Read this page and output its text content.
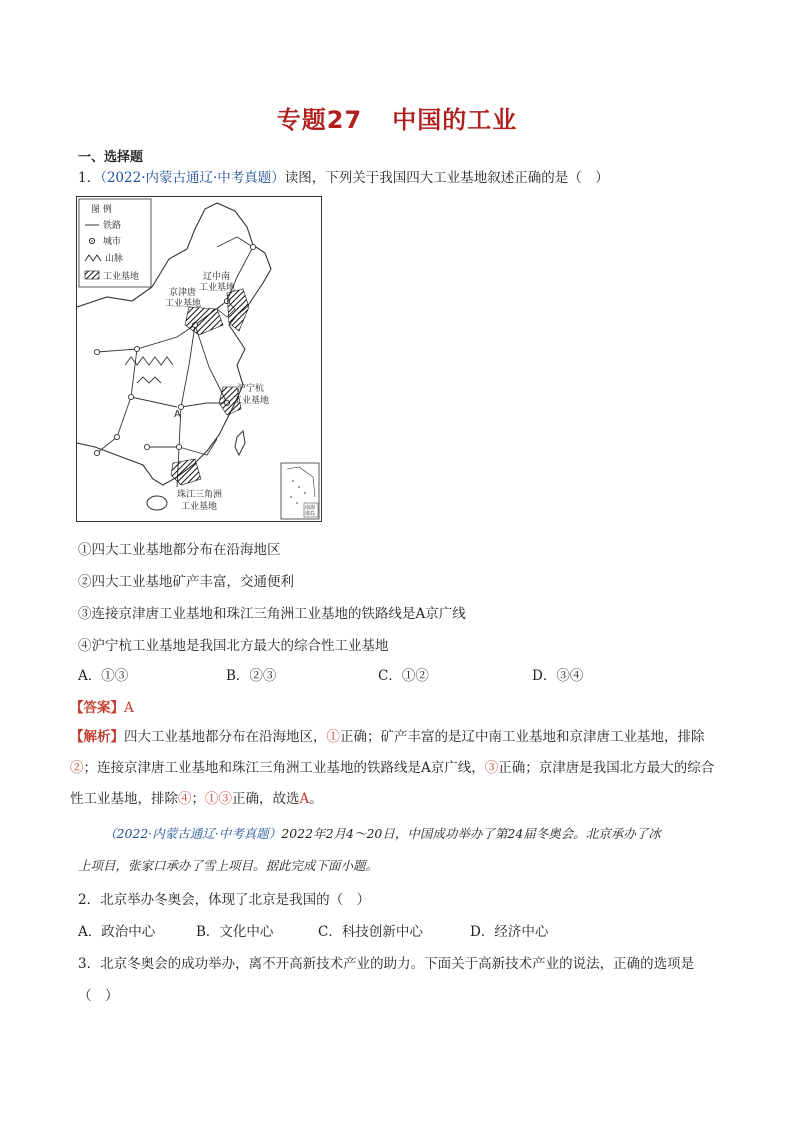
专题27 中国的工业
一、选择题
1．（2022·内蒙古通辽·中考真题）读图，下列关于我国四大工业基地叙述正确的是（　）
图 例
铁路
城市
山脉
工业基地	辽中南
工业基地
京津唐
工业基地
沪宁杭
工业基地
珠江三角洲
工业基地
A
南海
诸岛
①四大工业基地都分布在沿海地区
②四大工业基地矿产丰富，交通便利
③连接京津唐工业基地和珠江三角洲工业基地的铁路线是A京广线
④沪宁杭工业基地是我国北方最大的综合性工业基地
A．①③	B．②③	C．①②	D．③④
【答案】A
【解析】四大工业基地都分布在沿海地区，①正确；矿产丰富的是辽中南工业基地和京津唐工业基地，排除②；连接京津唐工业基地和珠江三角洲工业基地的铁路线是A京广线，③正确；京津唐是我国北方最大的综合性工业基地，排除④；①③正确，故选A。
（2022·内蒙古通辽·中考真题）2022年2月4～20日，中国成功举办了第24届冬奥会。北京承办了冰
上项目，张家口承办了雪上项目。据此完成下面小题。
2．北京举办冬奥会，体现了北京是我国的（　）
A．政治中心	B．文化中心	C．科技创新中心	D．经济中心
3．北京冬奥会的成功举办，离不开高新技术产业的助力。下面关于高新技术产业的说法，正确的选项是
（　）
